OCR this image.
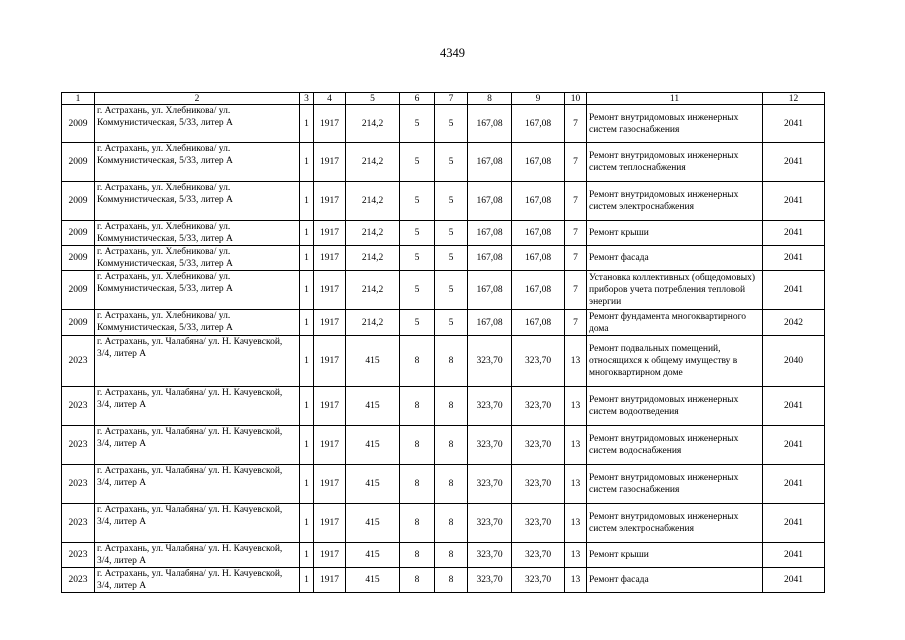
4349
1	2	3	4	5	6	7	8	9	10	11	12
2009	г. Астрахань, ул. Хлебникова/ ул. Коммунистическая, 5/33, литер А	1	1917	214,2	5	5	167,08	167,08	7	Ремонт внутридомовых инженерных систем газоснабжения	2041
2009	г. Астрахань, ул. Хлебникова/ ул. Коммунистическая, 5/33, литер А	1	1917	214,2	5	5	167,08	167,08	7	Ремонт внутридомовых инженерных систем теплоснабжения	2041
2009	г. Астрахань, ул. Хлебникова/ ул. Коммунистическая, 5/33, литер А	1	1917	214,2	5	5	167,08	167,08	7	Ремонт внутридомовых инженерных систем электроснабжения	2041
2009	г. Астрахань, ул. Хлебникова/ ул. Коммунистическая, 5/33, литер А	1	1917	214,2	5	5	167,08	167,08	7	Ремонт крыши	2041
2009	г. Астрахань, ул. Хлебникова/ ул. Коммунистическая, 5/33, литер А	1	1917	214,2	5	5	167,08	167,08	7	Ремонт фасада	2041
2009	г. Астрахань, ул. Хлебникова/ ул. Коммунистическая, 5/33, литер А	1	1917	214,2	5	5	167,08	167,08	7	Установка коллективных (общедомовых) приборов учета потребления тепловой энергии	2041
2009	г. Астрахань, ул. Хлебникова/ ул. Коммунистическая, 5/33, литер А	1	1917	214,2	5	5	167,08	167,08	7	Ремонт фундамента многоквартирного дома	2042
2023	г. Астрахань, ул. Чалабяна/ ул. Н. Качуевской, 3/4, литер А	1	1917	415	8	8	323,70	323,70	13	Ремонт подвальных помещений, относящихся к общему имуществу в многоквартирном доме	2040
2023	г. Астрахань, ул. Чалабяна/ ул. Н. Качуевской, 3/4, литер А	1	1917	415	8	8	323,70	323,70	13	Ремонт внутридомовых инженерных систем водоотведения	2041
2023	г. Астрахань, ул. Чалабяна/ ул. Н. Качуевской, 3/4, литер А	1	1917	415	8	8	323,70	323,70	13	Ремонт внутридомовых инженерных систем водоснабжения	2041
2023	г. Астрахань, ул. Чалабяна/ ул. Н. Качуевской, 3/4, литер А	1	1917	415	8	8	323,70	323,70	13	Ремонт внутридомовых инженерных систем газоснабжения	2041
2023	г. Астрахань, ул. Чалабяна/ ул. Н. Качуевской, 3/4, литер А	1	1917	415	8	8	323,70	323,70	13	Ремонт внутридомовых инженерных систем электроснабжения	2041
2023	г. Астрахань, ул. Чалабяна/ ул. Н. Качуевской, 3/4, литер А	1	1917	415	8	8	323,70	323,70	13	Ремонт крыши	2041
2023	г. Астрахань, ул. Чалабяна/ ул. Н. Качуевской, 3/4, литер А	1	1917	415	8	8	323,70	323,70	13	Ремонт фасада	2041
